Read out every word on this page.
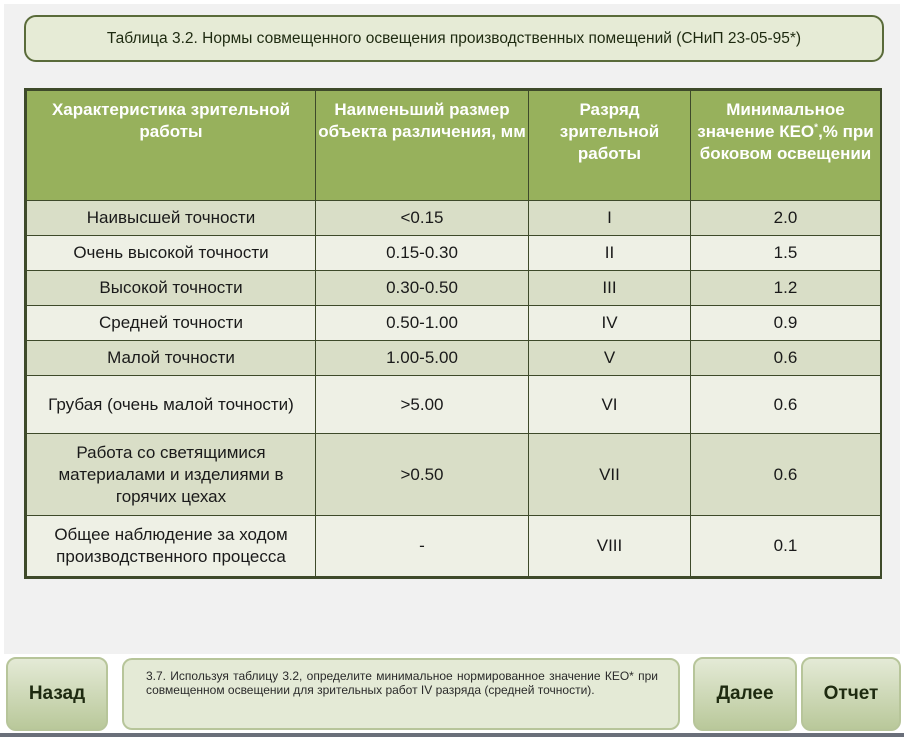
Таблица 3.2. Нормы совмещенного освещения производственных помещений (СНиП 23-05-95*)
Характеристика зрительной работы	Наименьший размер объекта различения, мм	Разряд зрительной работы	Минимальное значение КЕО*,% при боковом освещении
Наивысшей точности	<0.15	I	2.0
Очень высокой точности	0.15-0.30	II	1.5
Высокой точности	0.30-0.50	III	1.2
Средней точности	0.50-1.00	IV	0.9
Малой точности	1.00-5.00	V	0.6
Грубая (очень малой точности)	>5.00	VI	0.6
Работа со светящимися материалами и изделиями в горячих цехах	>0.50	VII	0.6
Общее наблюдение за ходом производственного процесса	-	VIII	0.1
Назад
3.7. Используя таблицу 3.2, определите минимальное нормированное значение КЕО* при совмещенном освещении для зрительных работ IV разряда (средней точности).	Далее	Отчет
